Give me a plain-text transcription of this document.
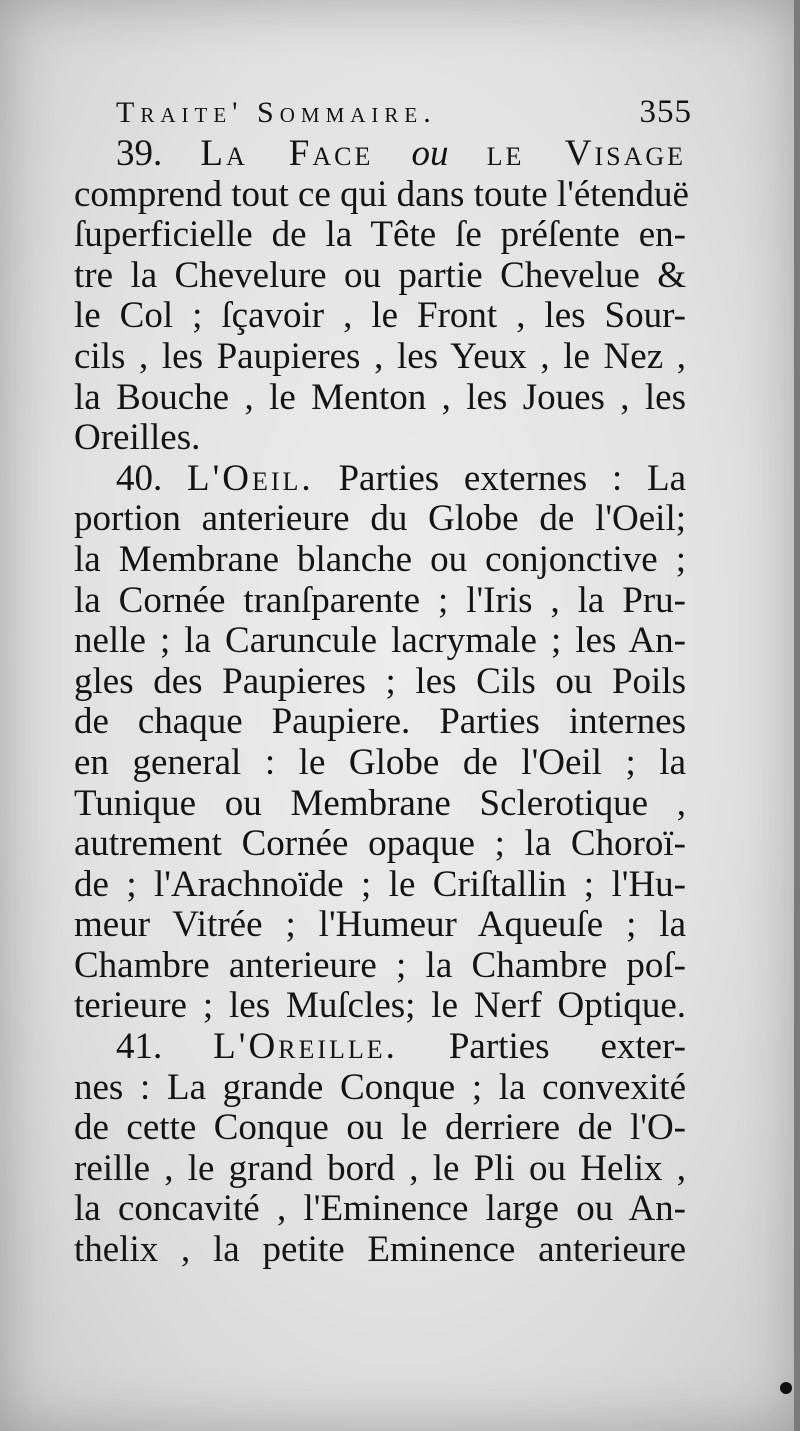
Traite' Sommaire.	355
39. La Face ou le Visage
comprend tout ce qui dans toute l'étenduë
ſuperficielle de la Tête ſe préſente en-
tre la Chevelure ou partie Chevelue &
le Col ; ſçavoir , le Front , les Sour-
cils , les Paupieres , les Yeux , le Nez ,
la Bouche , le Menton , les Joues , les
Oreilles.
40. L'Oeil. Parties externes : La
portion anterieure du Globe de l'Oeil;
la Membrane blanche ou conjonctive ;
la Cornée tranſparente ; l'Iris , la Pru-
nelle ; la Caruncule lacrymale ; les An-
gles des Paupieres ; les Cils ou Poils
de chaque Paupiere. Parties internes
en general : le Globe de l'Oeil ; la
Tunique ou Membrane Sclerotique ,
autrement Cornée opaque ; la Choroï-
de ; l'Arachnoïde ; le Criſtallin ; l'Hu-
meur Vitrée ; l'Humeur Aqueuſe ; la
Chambre anterieure ; la Chambre poſ-
terieure ; les Muſcles; le Nerf Optique.
41. L'Oreille. Parties exter-
nes : La grande Conque ; la convexité
de cette Conque ou le derriere de l'O-
reille , le grand bord , le Pli ou Helix ,
la concavité , l'Eminence large ou An-
thelix , la petite Eminence anterieure
